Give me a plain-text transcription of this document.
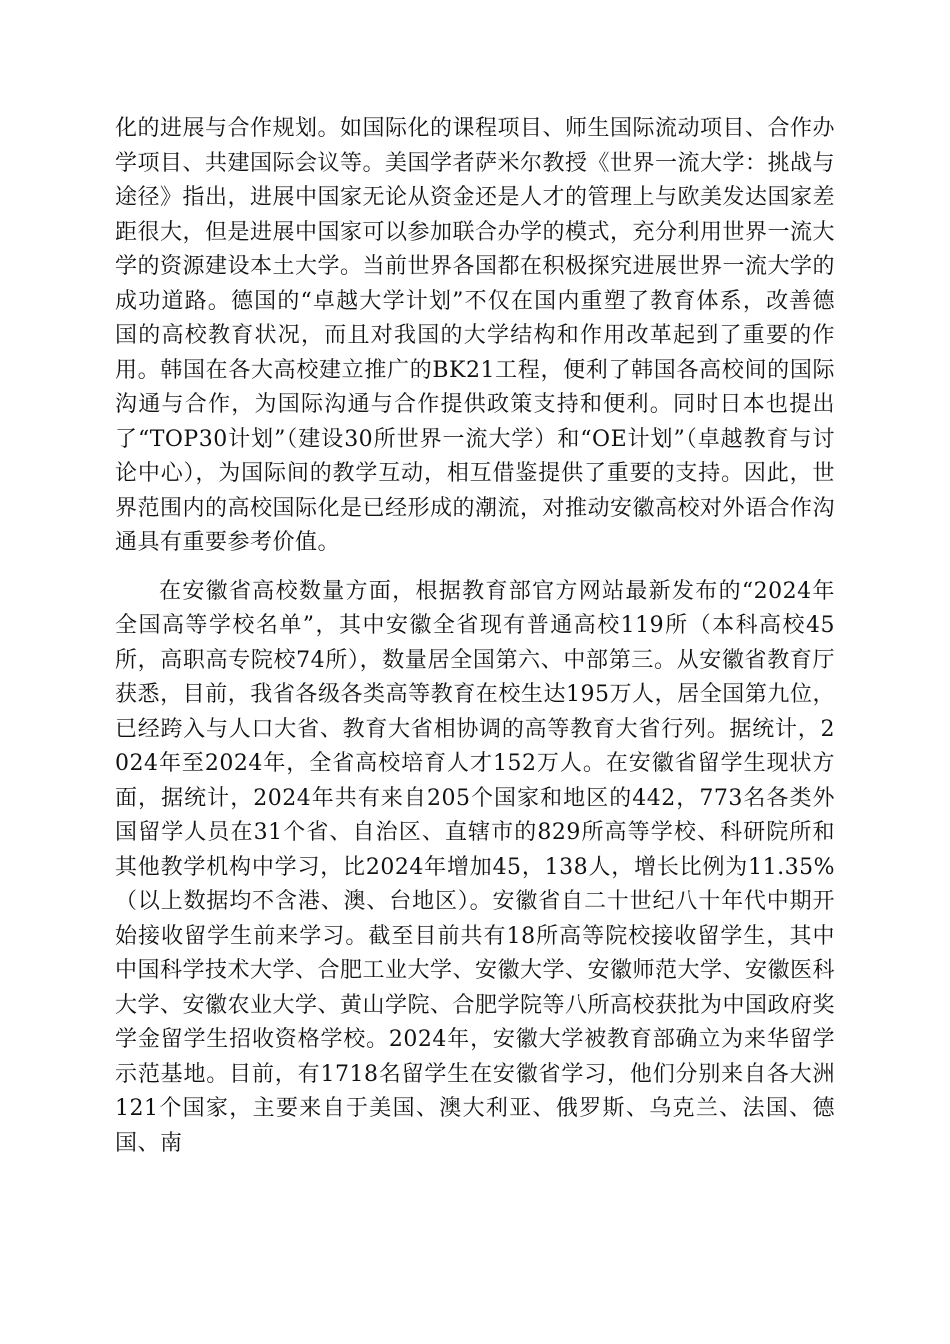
化的进展与合作规划。如国际化的课程项目、师生国际流动项目、合作办学项目、共建国际会议等。美国学者萨米尔教授《世界一流大学：挑战与途径》指出，进展中国家无论从资金还是人才的管理上与欧美发达国家差距很大，但是进展中国家可以参加联合办学的模式，充分利用世界一流大学的资源建设本土大学。当前世界各国都在积极探究进展世界一流大学的成功道路。德国的“卓越大学计划”不仅在国内重塑了教育体系，改善德国的高校教育状况，而且对我国的大学结构和作用改革起到了重要的作用。韩国在各大高校建立推广的BK21工程，便利了韩国各高校间的国际沟通与合作，为国际沟通与合作提供政策支持和便利。同时日本也提出了“TOP30计划”（建设30所世界一流大学）和“OE计划”（卓越教育与讨论中心），为国际间的教学互动，相互借鉴提供了重要的支持。因此，世界范围内的高校国际化是已经形成的潮流，对推动安徽高校对外语合作沟通具有重要参考价值。

在安徽省高校数量方面，根据教育部官方网站最新发布的“2024年全国高等学校名单”，其中安徽全省现有普通高校119所（本科高校45所，高职高专院校74所），数量居全国第六、中部第三。从安徽省教育厅获悉，目前，我省各级各类高等教育在校生达195万人，居全国第九位，已经跨入与人口大省、教育大省相协调的高等教育大省行列。据统计，2024年至2024年，全省高校培育人才152万人。在安徽省留学生现状方面，据统计，2024年共有来自205个国家和地区的442，773名各类外国留学人员在31个省、自治区、直辖市的829所高等学校、科研院所和其他教学机构中学习，比2024年增加45，138人，增长比例为11.35%（以上数据均不含港、澳、台地区）。安徽省自二十世纪八十年代中期开始接收留学生前来学习。截至目前共有18所高等院校接收留学生，其中中国科学技术大学、合肥工业大学、安徽大学、安徽师范大学、安徽医科大学、安徽农业大学、黄山学院、合肥学院等八所高校获批为中国政府奖学金留学生招收资格学校。2024年，安徽大学被教育部确立为来华留学示范基地。目前，有1718名留学生在安徽省学习，他们分别来自各大洲121个国家，主要来自于美国、澳大利亚、俄罗斯、乌克兰、法国、德国、南
